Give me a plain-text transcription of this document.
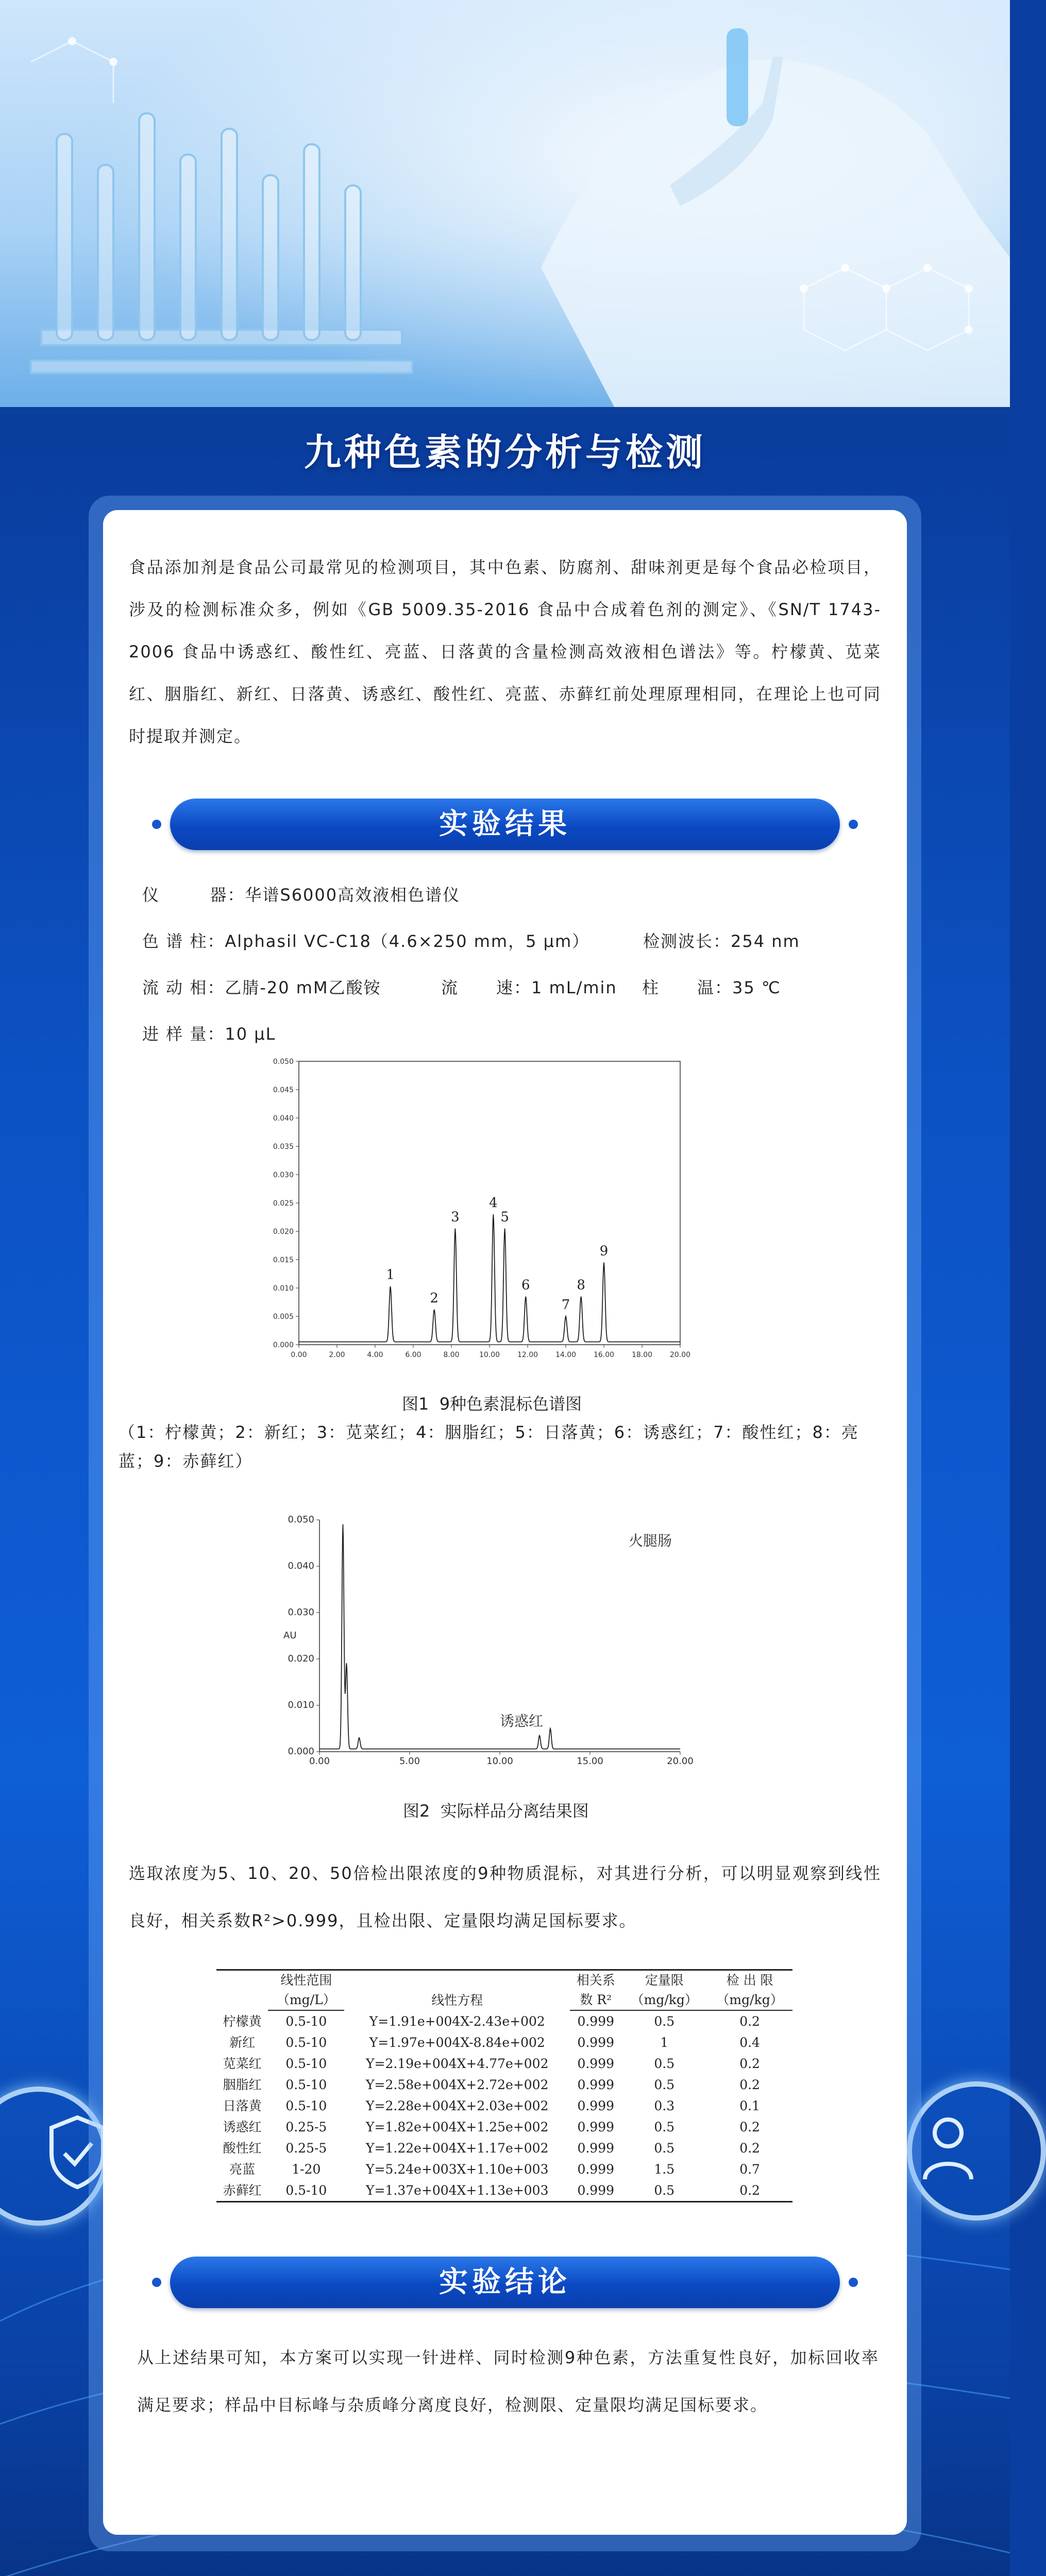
九种色素的分析与检测
食品添加剂是食品公司最常见的检测项目，其中色素、防腐剂、甜味剂更是每个食品必检项目，涉及的检测标准众多，例如《GB 5009.35-2016 食品中合成着色剂的测定》、《SN/T 1743-2006 食品中诱惑红、酸性红、亮蓝、日落黄的含量检测高效液相色谱法》等。柠檬黄、苋菜红、胭脂红、新红、日落黄、诱惑红、酸性红、亮蓝、赤藓红前处理原理相同，在理论上也可同时提取并测定。
实验结果
仪        器：华谱S6000高效液相色谱仪
色 谱 柱：Alphasil VC-C18（4.6×250 mm，5 μm）	检测波长：254 nm
流 动 相：乙腈-20 mM乙酸铵	流      速：1 mL/min 柱      温：35 ℃
进 样 量：10 μL
0.00	2.00	4.00	6.00	8.00	10.00 12.00 14.00 16.00 18.00 20.00
0.000
0.005
0.010
0.015
0.020
0.025
0.030
0.035
0.040
0.045
0.050
1
2
3
4
5
6
7
8
9
图1  9种色素混标色谱图
（1：柠檬黄；2：新红；3：苋菜红；4：胭脂红；5：日落黄；6：诱惑红；7：酸性红；8：亮蓝；9：赤藓红）
0.00	5.00	10.00	15.00	20.00
0.000
0.010
0.020
0.030
0.040
0.050
火腿肠
诱惑红
AU
图2  实际样品分离结果图
选取浓度为5、10、20、50倍检出限浓度的9种物质混标，对其进行分析，可以明显观察到线性良好，相关系数R²>0.999，且检出限、定量限均满足国标要求。
	线性范围	线性方程	相关系	定量限	检 出 限
	（mg/L）		数 R²	（mg/kg）	（mg/kg）
柠檬黄	0.5-10	Y=1.91e+004X-2.43e+002	0.999	0.5	0.2
新红	0.5-10	Y=1.97e+004X-8.84e+002	0.999	1	0.4
苋菜红	0.5-10	Y=2.19e+004X+4.77e+002	0.999	0.5	0.2
胭脂红	0.5-10	Y=2.58e+004X+2.72e+002	0.999	0.5	0.2
日落黄	0.5-10	Y=2.28e+004X+2.03e+002	0.999	0.3	0.1
诱惑红	0.25-5	Y=1.82e+004X+1.25e+002	0.999	0.5	0.2
酸性红	0.25-5	Y=1.22e+004X+1.17e+002	0.999	0.5	0.2
亮蓝	1-20	Y=5.24e+003X+1.10e+003	0.999	1.5	0.7
赤藓红	0.5-10	Y=1.37e+004X+1.13e+003	0.999	0.5	0.2
实验结论
从上述结果可知，本方案可以实现一针进样、同时检测9种色素，方法重复性良好，加标回收率满足要求；样品中目标峰与杂质峰分离度良好，检测限、定量限均满足国标要求。
